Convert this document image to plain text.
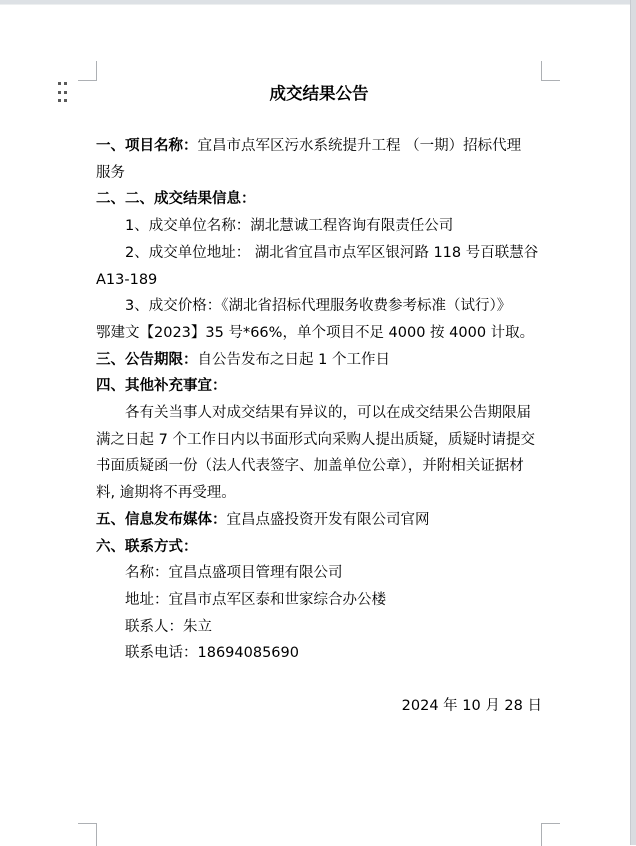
成交结果公告
一、项目名称：宜昌市点军区污水系统提升工程 （一期）招标代理
服务
二、二、成交结果信息：
1、成交单位名称：湖北慧诚工程咨询有限责任公司
2、成交单位地址： 湖北省宜昌市点军区银河路 118 号百联慧谷
A13-189
3、成交价格：《湖北省招标代理服务收费参考标准（试行）》
鄂建文【2023】35 号*66%，单个项目不足 4000 按 4000 计取。
三、公告期限：自公告发布之日起 1 个工作日
四、其他补充事宜：
各有关当事人对成交结果有异议的，可以在成交结果公告期限届
满之日起 7 个工作日内以书面形式向采购人提出质疑，质疑时请提交
书面质疑函一份（法人代表签字、加盖单位公章），并附相关证据材
料, 逾期将不再受理。
五、信息发布媒体：宜昌点盛投资开发有限公司官网
六、联系方式：
名称：宜昌点盛项目管理有限公司
地址：宜昌市点军区泰和世家综合办公楼
联系人：朱立
联系电话：18694085690
2024 年 10 月 28 日
